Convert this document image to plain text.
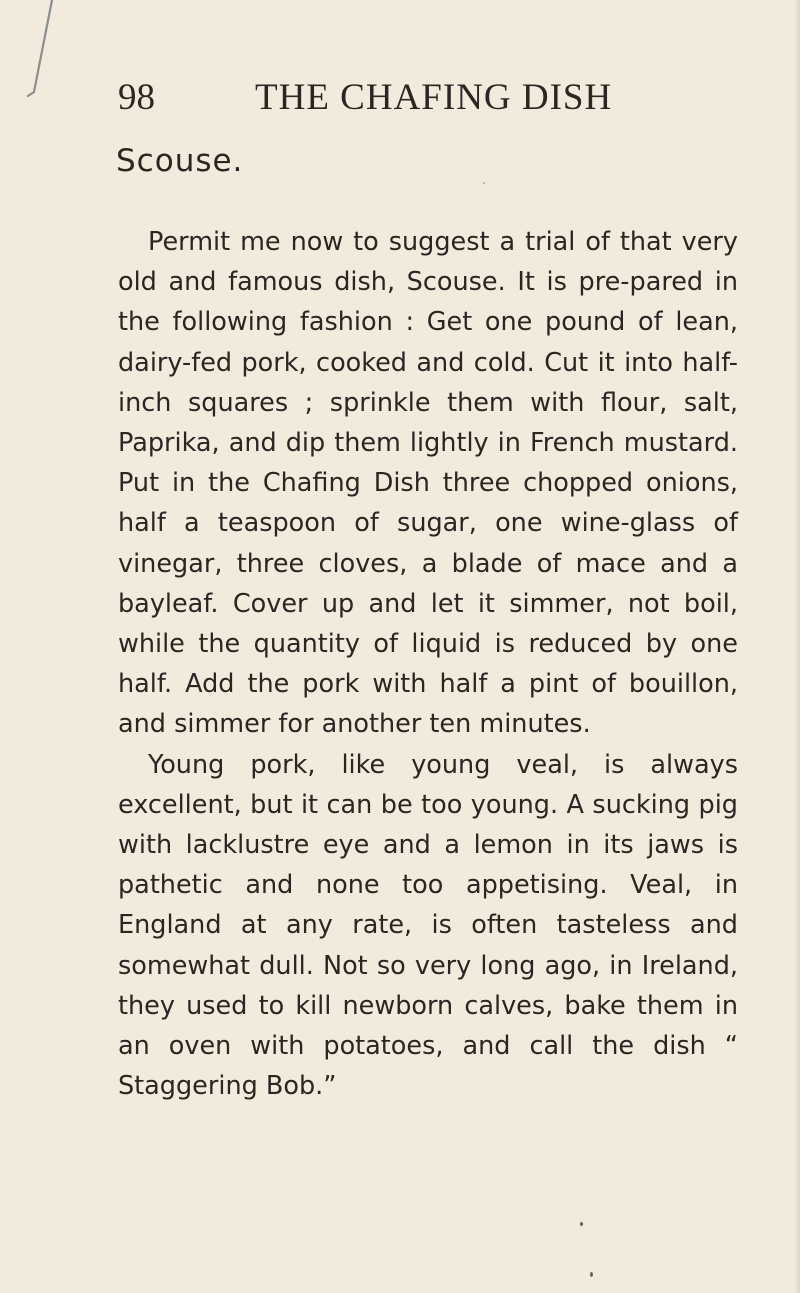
98	THE CHAFING DISH
Scouse.

Permit me now to suggest a trial of that very old and famous dish, Scouse. It is pre-pared in the following fashion : Get one pound of lean, dairy-fed pork, cooked and cold. Cut it into half-inch squares ; sprinkle them with flour, salt, Paprika, and dip them lightly in French mustard. Put in the Chafing Dish three chopped onions, half a teaspoon of sugar, one wine-glass of vinegar, three cloves, a blade of mace and a bayleaf. Cover up and let it simmer, not boil, while the quantity of liquid is reduced by one half. Add the pork with half a pint of bouillon, and simmer for another ten minutes.

Young pork, like young veal, is always excellent, but it can be too young. A sucking pig with lacklustre eye and a lemon in its jaws is pathetic and none too appetising. Veal, in England at any rate, is often tasteless and somewhat dull. Not so very long ago, in Ireland, they used to kill newborn calves, bake them in an oven with potatoes, and call the dish “ Staggering Bob.”
